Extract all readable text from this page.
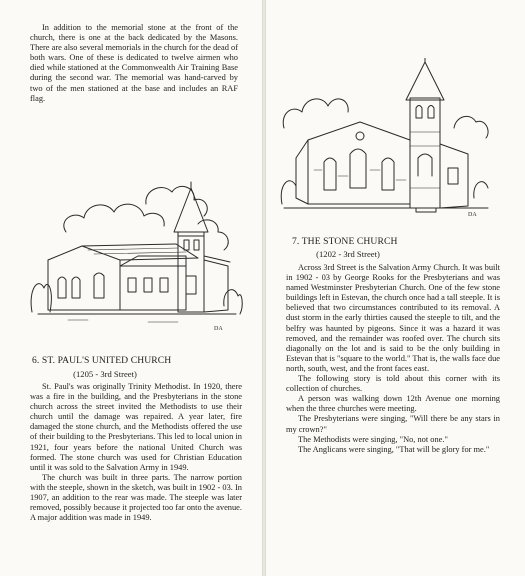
In addition to the memorial stone at the front of the church, there is one at the back dedicated by the Masons. There are also several memorials in the church for the dead of both wars. One of these is dedicated to twelve airmen who died while stationed at the Commonwealth Air Training Base during the second war. The memorial was hand-carved by two of the men stationed at the base and includes an RAF flag.

DA
6. ST. PAUL'S UNITED CHURCH
(1205 - 3rd Street)

St. Paul's was originally Trinity Methodist. In 1920, there was a fire in the building, and the Presbyterians in the stone church across the street invited the Methodists to use their church until the damage was repaired. A year later, fire damaged the stone church, and the Methodists offered the use of their building to the Presbyterians. This led to local union in 1921, four years before the national United Church was formed. The stone church was used for Christian Education until it was sold to the Salvation Army in 1949.

The church was built in three parts. The narrow portion with the steeple, shown in the sketch, was built in 1902 - 03. In 1907, an addition to the rear was made. The steeple was later removed, possibly because it projected too far onto the avenue. A major addition was made in 1949.

DA
7. THE STONE CHURCH
(1202 - 3rd Street)

Across 3rd Street is the Salvation Army Church. It was built in 1902 - 03 by George Rooks for the Presbyterians and was named Westminster Presbyterian Church. One of the few stone buildings left in Estevan, the church once had a tall steeple. It is believed that two circumstances contributed to its removal. A dust storm in the early thirties caused the steeple to tilt, and the belfry was haunted by pigeons. Since it was a hazard it was removed, and the remainder was roofed over. The church sits diagonally on the lot and is said to be the only building in Estevan that is "square to the world." That is, the walls face due north, south, west, and the front faces east.

The following story is told about this corner with its collection of churches.

A person was walking down 12th Avenue one morning when the three churches were meeting.

The Presbyterians were singing, "Will there be any stars in my crown?"

The Methodists were singing, "No, not one."

The Anglicans were singing, "That will be glory for me."
